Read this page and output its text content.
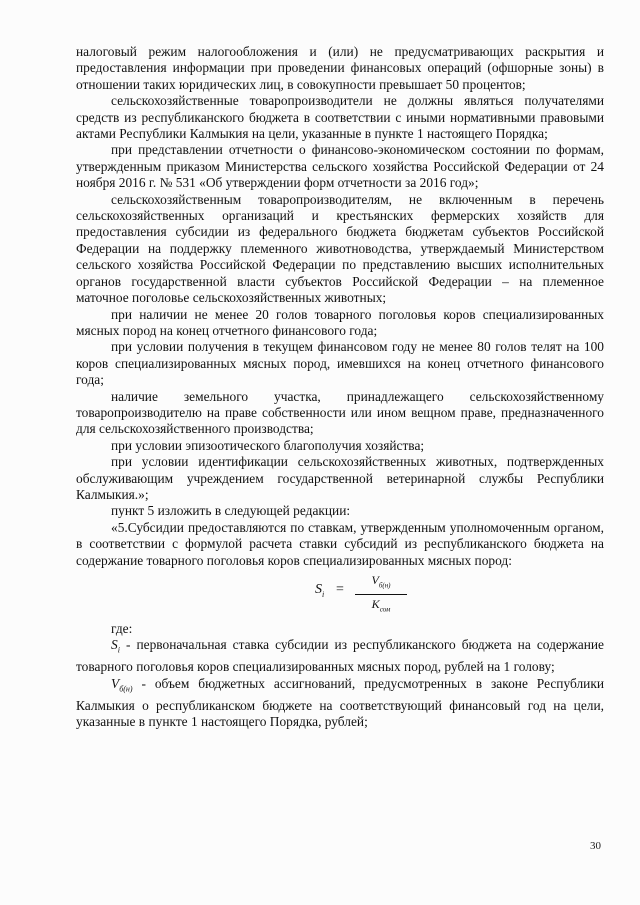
налоговый режим налогообложения и (или) не предусматривающих раскрытия и предоставления информации при проведении финансовых операций (офшорные зоны) в отношении таких юридических лиц, в совокупности превышает 50 процентов;

сельскохозяйственные товаропроизводители не должны являться получателями средств из республиканского бюджета в соответствии с иными нормативными правовыми актами Республики Калмыкия на цели, указанные в пункте 1 настоящего Порядка;

при представлении отчетности о финансово-экономическом состоянии по формам, утвержденным приказом Министерства сельского хозяйства Российской Федерации от 24 ноября 2016 г. № 531 «Об утверждении форм отчетности за 2016 год»;

сельскохозяйственным товаропроизводителям, не включенным в перечень сельскохозяйственных организаций и крестьянских фермерских хозяйств для предоставления субсидии из федерального бюджета бюджетам субъектов Российской Федерации на поддержку племенного животноводства, утверждаемый Министерством сельского хозяйства Российской Федерации по представлению высших исполнительных органов государственной власти субъектов Российской Федерации – на племенное маточное поголовье сельскохозяйственных животных;

при наличии не менее 20 голов товарного поголовья коров специализированных мясных пород на конец отчетного финансового года;

при условии получения в текущем финансовом году не менее 80 голов телят на 100 коров специализированных мясных пород, имевшихся на конец отчетного финансового года;

наличие земельного участка, принадлежащего сельскохозяйственному товаропроизводителю на праве собственности или ином вещном праве, предназначенного для сельскохозяйственного производства;

при условии эпизоотического благополучия хозяйства;

при условии идентификации сельскохозяйственных животных, подтвержденных обслуживающим учреждением государственной ветеринарной службы Республики Калмыкия.»;

пункт 5 изложить в следующей редакции:

«5.Субсидии предоставляются по ставкам, утвержденным уполномоченным органом, в соответствии с формулой расчета ставки субсидий из республиканского бюджета на содержание товарного поголовья коров специализированных мясных пород:

$S_i$ =
$V_{б(н)}$
$K_{сом}$

где:

$S_i$ - первоначальная ставка субсидии из республиканского бюджета на содержание товарного поголовья коров специализированных мясных пород, рублей на 1 голову;

$V_{б(н)}$ - объем бюджетных ассигнований, предусмотренных в законе Республики Калмыкия о республиканском бюджете на соответствующий финансовый год на цели, указанные в пункте 1 настоящего Порядка, рублей;

30
